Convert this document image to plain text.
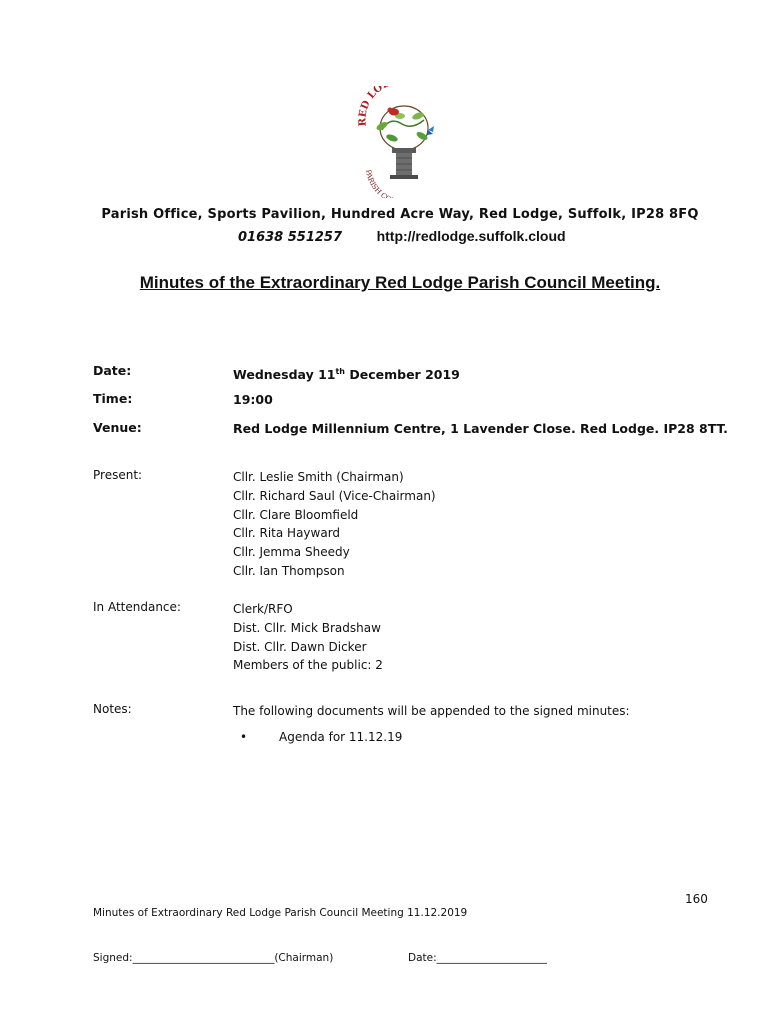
RED LO
PARISH C
Parish Office, Sports Pavilion, Hundred Acre Way, Red Lodge, Suffolk, IP28 8FQ
01638 551257 http://redlodge.suffolk.cloud
Minutes of the Extraordinary Red Lodge Parish Council Meeting.
Date:	Wednesday 11th December 2019
Time:	19:00
Venue:	Red Lodge Millennium Centre, 1 Lavender Close. Red Lodge. IP28 8TT.
Present:	Cllr. Leslie Smith (Chairman)
Cllr. Richard Saul (Vice-Chairman)
Cllr. Clare Bloomfield
Cllr. Rita Hayward
Cllr. Jemma Sheedy
Cllr. Ian Thompson
In Attendance:	Clerk/RFO
Dist. Cllr. Mick Bradshaw
Dist. Cllr. Dawn Dicker
Members of the public: 2
Notes:	The following documents will be appended to the signed minutes:
•	Agenda for 11.12.19
160
Minutes of Extraordinary Red Lodge Parish Council Meeting 11.12.2019
Signed:___________________________(Chairman)	Date:_____________________
